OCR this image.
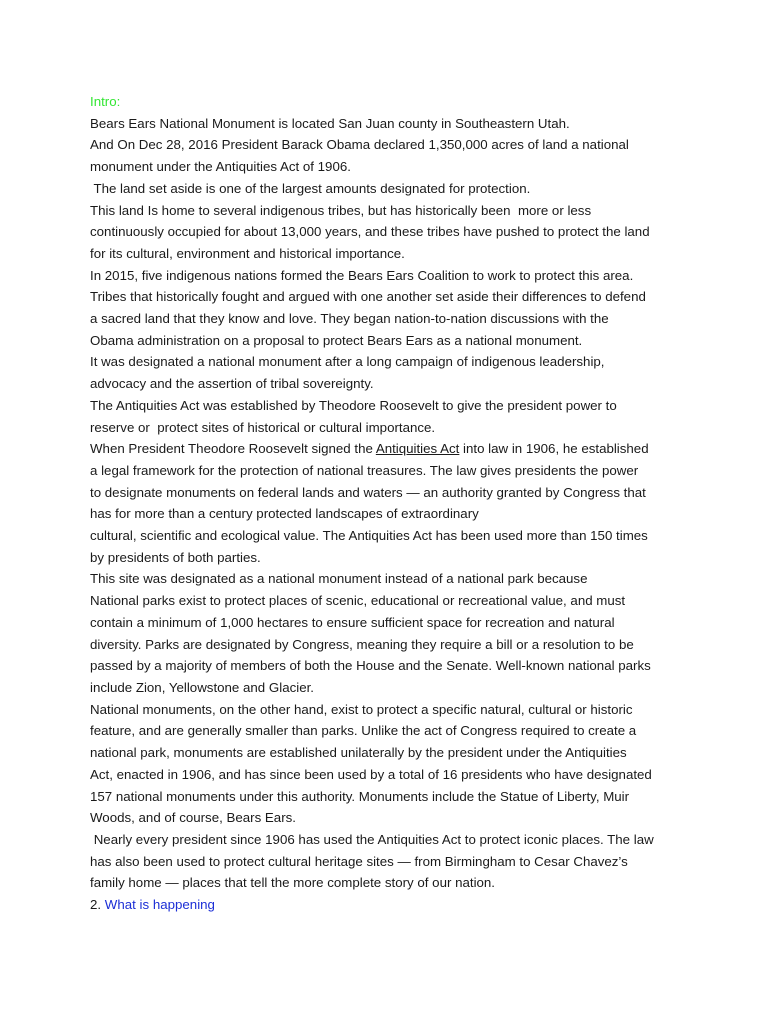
Intro:

Bears Ears National Monument is located San Juan county in Southeastern Utah.

And On Dec 28, 2016 President Barack Obama declared 1,350,000 acres of land a national

monument under the Antiquities Act of 1906.

The land set aside is one of the largest amounts designated for protection.

This land Is home to several indigenous tribes, but has historically been  more or less

continuously occupied for about 13,000 years, and these tribes have pushed to protect the land

for its cultural, environment and historical importance.

In 2015, five indigenous nations formed the Bears Ears Coalition to work to protect this area.

Tribes that historically fought and argued with one another set aside their differences to defend

a sacred land that they know and love. They began nation-to-nation discussions with the

Obama administration on a proposal to protect Bears Ears as a national monument.

It was designated a national monument after a long campaign of indigenous leadership,

advocacy and the assertion of tribal sovereignty.

The Antiquities Act was established by Theodore Roosevelt to give the president power to

reserve or  protect sites of historical or cultural importance.

When President Theodore Roosevelt signed the Antiquities Act into law in 1906, he established

a legal framework for the protection of national treasures. The law gives presidents the power

to designate monuments on federal lands and waters — an authority granted by Congress that

has for more than a century protected landscapes of extraordinary

cultural, scientific and ecological value. The Antiquities Act has been used more than 150 times

by presidents of both parties.

This site was designated as a national monument instead of a national park because

National parks exist to protect places of scenic, educational or recreational value, and must

contain a minimum of 1,000 hectares to ensure sufficient space for recreation and natural

diversity. Parks are designated by Congress, meaning they require a bill or a resolution to be

passed by a majority of members of both the House and the Senate. Well-known national parks

include Zion, Yellowstone and Glacier.

National monuments, on the other hand, exist to protect a specific natural, cultural or historic

feature, and are generally smaller than parks. Unlike the act of Congress required to create a

national park, monuments are established unilaterally by the president under the Antiquities

Act, enacted in 1906, and has since been used by a total of 16 presidents who have designated

157 national monuments under this authority. Monuments include the Statue of Liberty, Muir

Woods, and of course, Bears Ears.

Nearly every president since 1906 has used the Antiquities Act to protect iconic places. The law

has also been used to protect cultural heritage sites — from Birmingham to Cesar Chavez’s

family home — places that tell the more complete story of our nation.

2. What is happening
